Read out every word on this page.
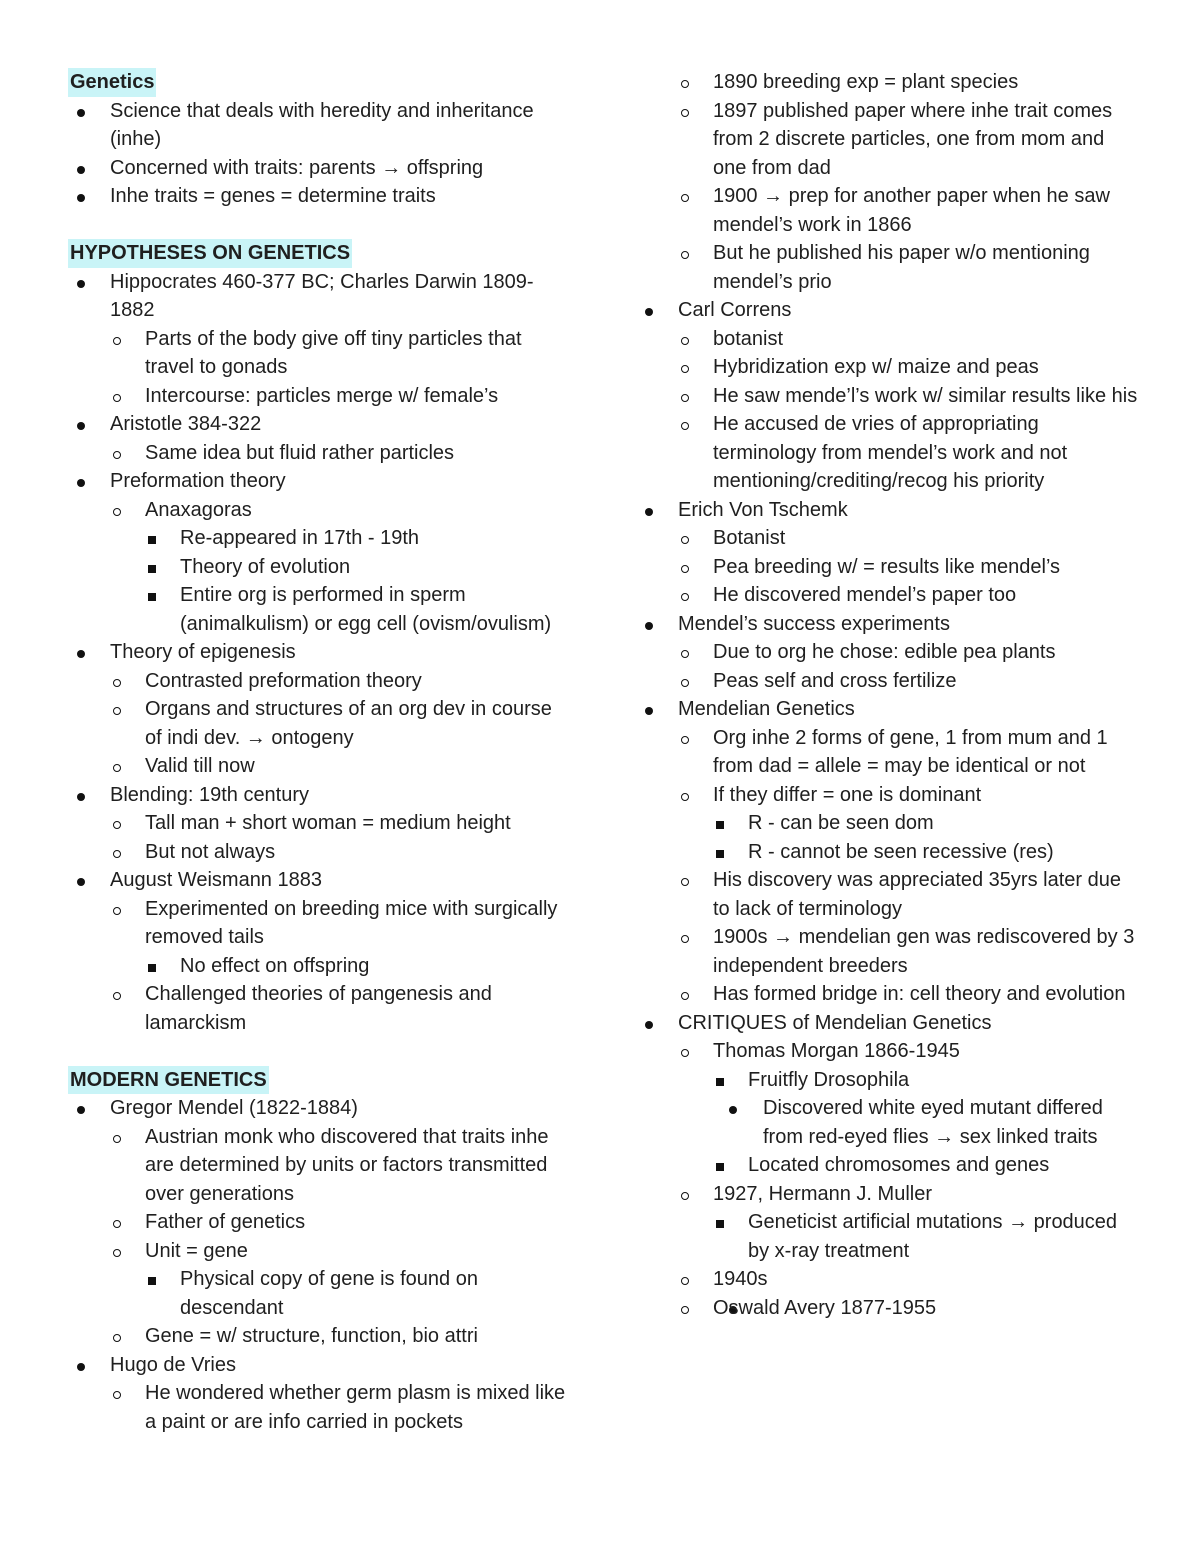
Genetics
Science that deals with heredity and inheritance (inhe)
Concerned with traits: parents → offspring
Inhe traits = genes = determine traits
HYPOTHESES ON GENETICS
Hippocrates 460-377 BC; Charles Darwin 1809-1882
Parts of the body give off tiny particles that travel to gonads
Intercourse: particles merge w/ female’s
Aristotle 384-322
Same idea but fluid rather particles
Preformation theory
Anaxagoras
Re-appeared in 17th - 19th
Theory of evolution
Entire org is performed in sperm (animalkulism) or egg cell (ovism/ovulism)
Theory of epigenesis
Contrasted preformation theory
Organs and structures of an org dev in course of indi dev. → ontogeny
Valid till now
Blending: 19th century
Tall man + short woman = medium height
But not always
August Weismann 1883
Experimented on breeding mice with surgically removed tails
No effect on offspring
Challenged theories of pangenesis and lamarckism
MODERN GENETICS
Gregor Mendel (1822-1884)
Austrian monk who discovered that traits inhe are determined by units or factors transmitted over generations
Father of genetics
Unit = gene
Physical copy of gene is found on descendant
Gene = w/ structure, function, bio attri
Hugo de Vries
He wondered whether germ plasm is mixed like a paint or are info carried in pockets
1890 breeding exp = plant species
1897 published paper where inhe trait comes from 2 discrete particles, one from mom and one from dad
1900 → prep for another paper when he saw mendel’s work in 1866
But he published his paper w/o mentioning mendel’s prio
Carl Correns
botanist
Hybridization exp w/ maize and peas
He saw mende’l’s work w/ similar results like his
He accused de vries of appropriating terminology from mendel’s work and not mentioning/crediting/recog his priority
Erich Von Tschemk
Botanist
Pea breeding w/ = results like mendel’s
He discovered mendel’s paper too
Mendel’s success experiments
Due to org he chose: edible pea plants
Peas self and cross fertilize
Mendelian Genetics
Org inhe 2 forms of gene, 1 from mum and 1 from dad = allele = may be identical or not
If they differ = one is dominant
R - can be seen dom
R - cannot be seen recessive (res)
His discovery was appreciated 35yrs later due to lack of terminology
1900s → mendelian gen was rediscovered by 3 independent breeders
Has formed bridge in: cell theory and evolution
CRITIQUES of Mendelian Genetics
Thomas Morgan 1866-1945
Fruitfly Drosophila
Discovered white eyed mutant differed from red-eyed flies → sex linked traits
Located chromosomes and genes
1927, Hermann J. Muller
Geneticist artificial mutations → produced by x-ray treatment
1940s
Oswald Avery 1877-1955
